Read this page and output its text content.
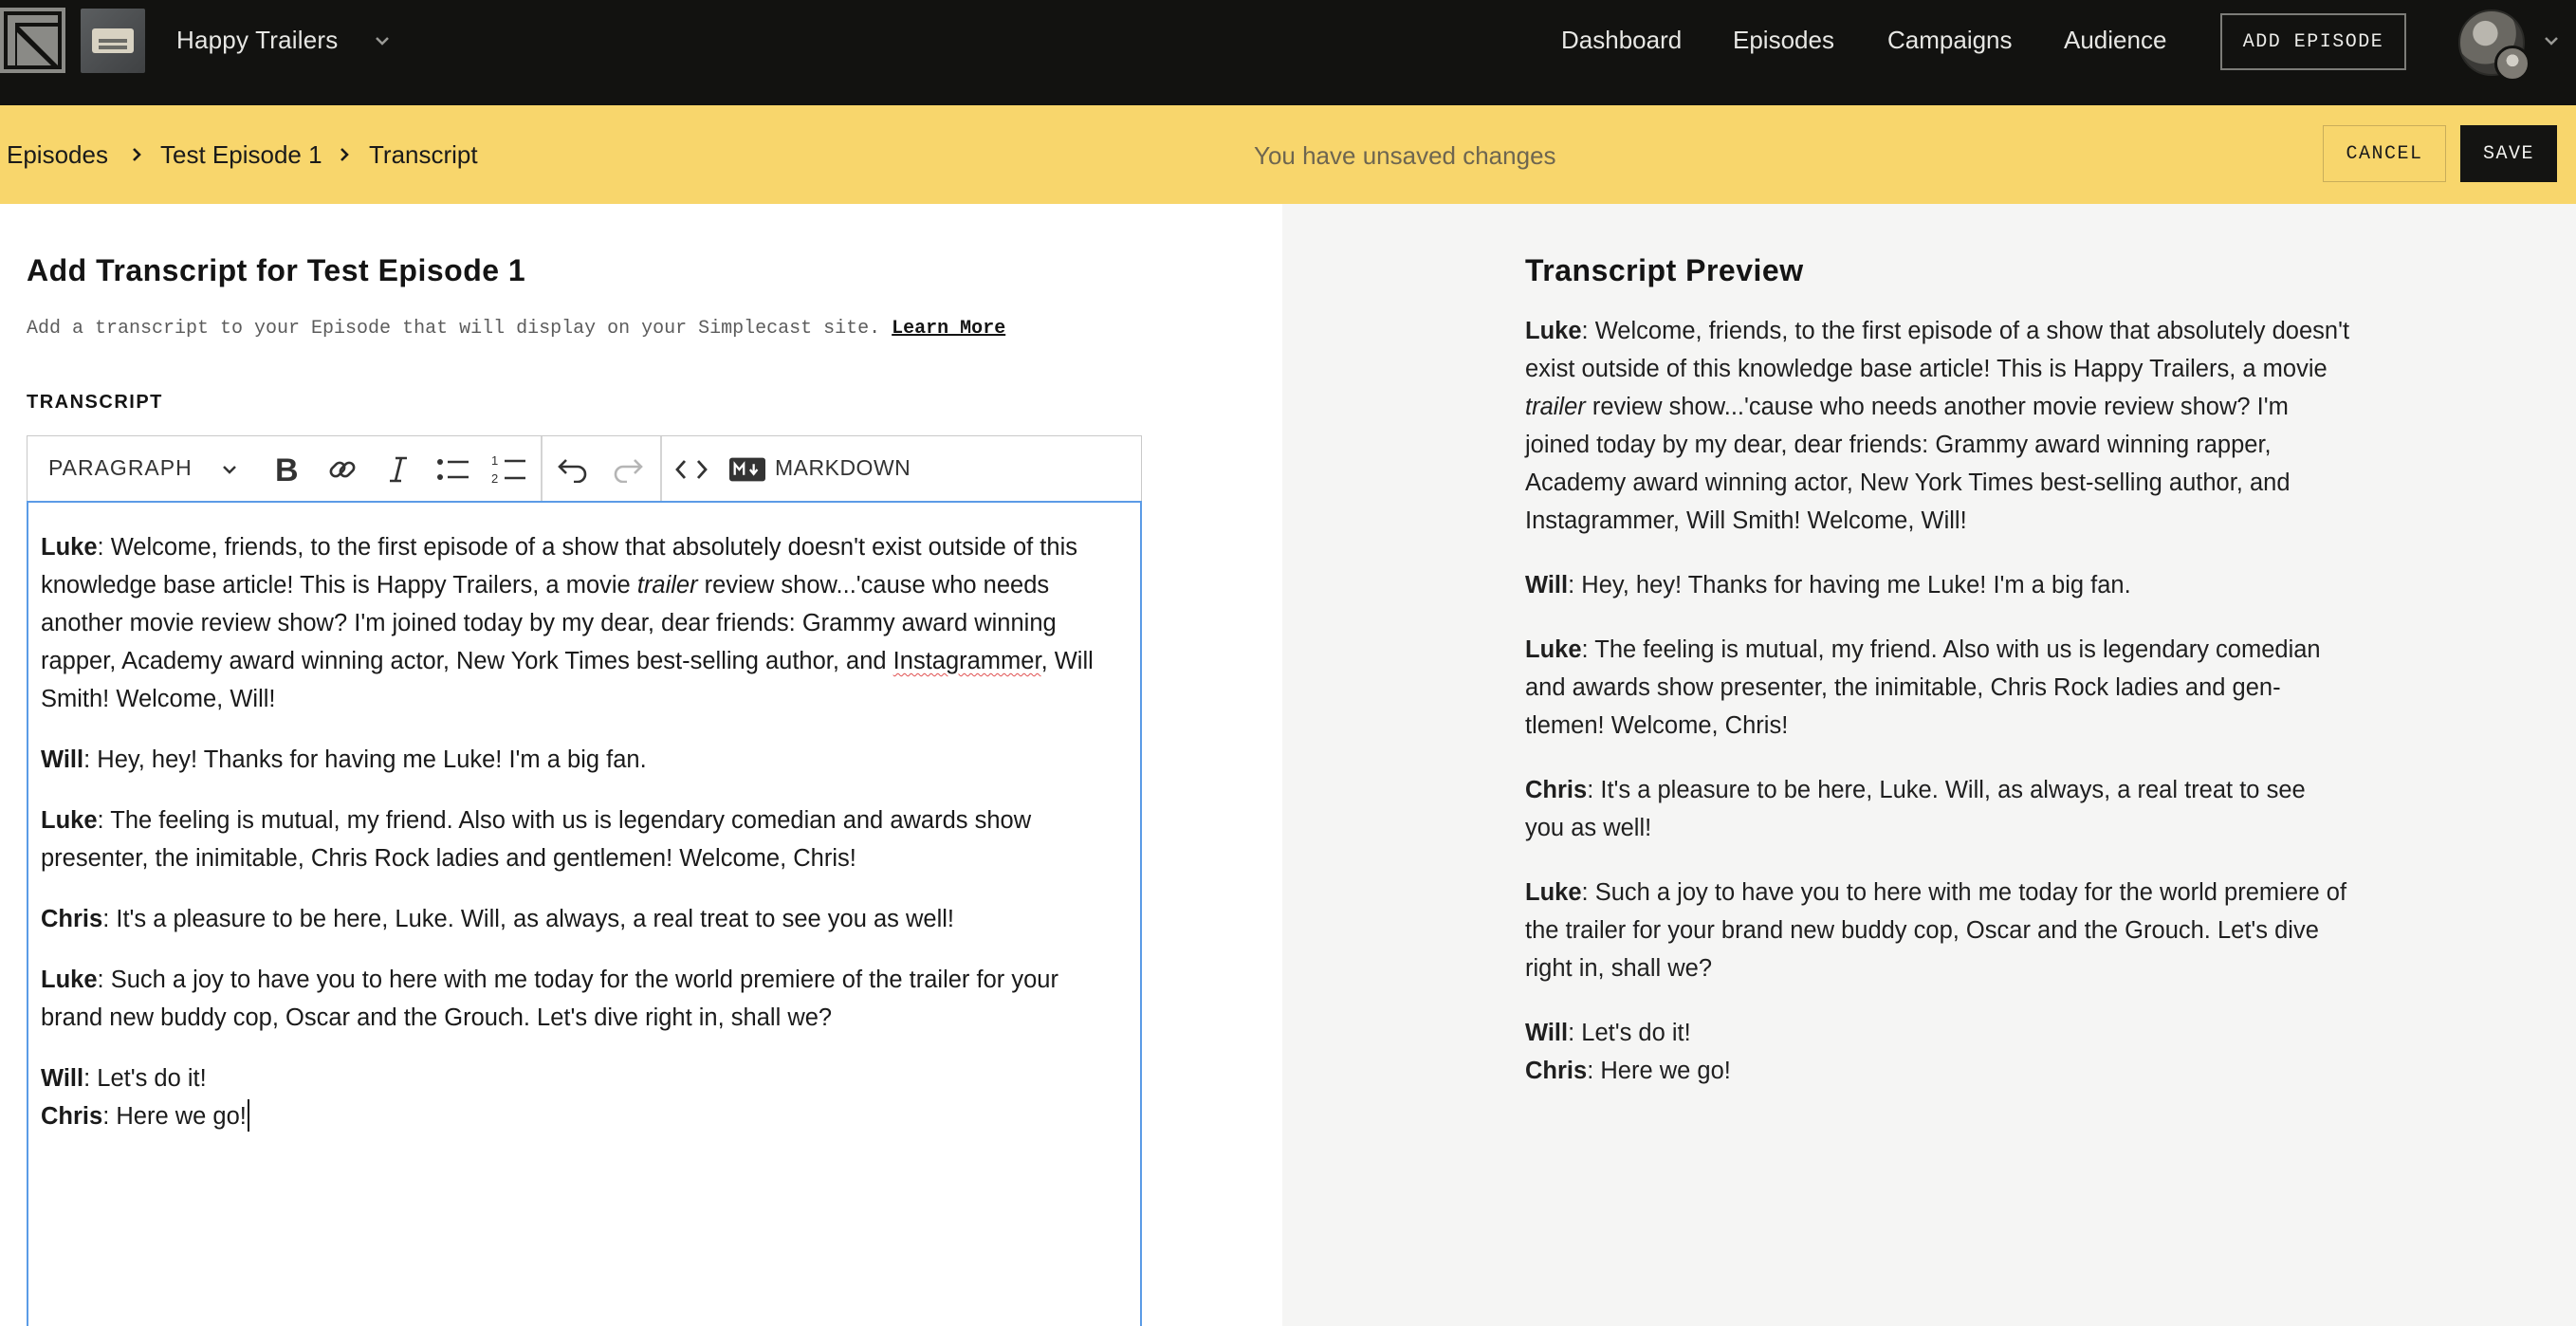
Happy Trailers	Dashboard Episodes Campaigns Audience	ADD EPISODE
Episodes Test Episode 1 Transcript	You have unsaved changes	CANCEL	SAVE
Add Transcript for Test Episode 1
Add a transcript to your Episode that will display on your Simplecast site. Learn More
TRANSCRIPT
PARAGRAPH	B	1
2	MARKDOWN

Luke: Welcome, friends, to the first episode of a show that absolutely doesn't exist outside of this knowledge base article! This is Happy Trailers, a movie trailer review show...'cause who needs another movie review show? I'm joined today by my dear, dear friends: Grammy award winning rapper, Academy award winning actor, New York Times best-selling author, and Instagrammer, Will Smith! Welcome, Will!

Will: Hey, hey! Thanks for having me Luke! I'm a big fan.

Luke: The feeling is mutual, my friend. Also with us is legendary comedian and awards show presenter, the inimitable, Chris Rock ladies and gentlemen! Welcome, Chris!

Chris: It's a pleasure to be here, Luke. Will, as always, a real treat to see you as well!

Luke: Such a joy to have you to here with me today for the world premiere of the trailer for your brand new buddy cop, Oscar and the Grouch. Let's dive right in, shall we?

Will: Let's do it!

Chris: Here we go!

Transcript Preview

Luke: Welcome, friends, to the first episode of a show that absolutely doesn't exist outside of this knowledge base article! This is Happy Trailers, a movie trailer review show...'cause who needs another movie review show? I'm joined today by my dear, dear friends: Grammy award winning rapper, Academy award winning actor, New York Times best-selling author, and Instagrammer, Will Smith! Welcome, Will!

Will: Hey, hey! Thanks for having me Luke! I'm a big fan.

Luke: The feeling is mutual, my friend. Also with us is legendary comedian and awards show presenter, the inimitable, Chris Rock ladies and gentlemen! Welcome, Chris!

Chris: It's a pleasure to be here, Luke. Will, as always, a real treat to see you as well!

Luke: Such a joy to have you to here with me today for the world premiere of the trailer for your brand new buddy cop, Oscar and the Grouch. Let's dive right in, shall we?

Will: Let's do it!

Chris: Here we go!
